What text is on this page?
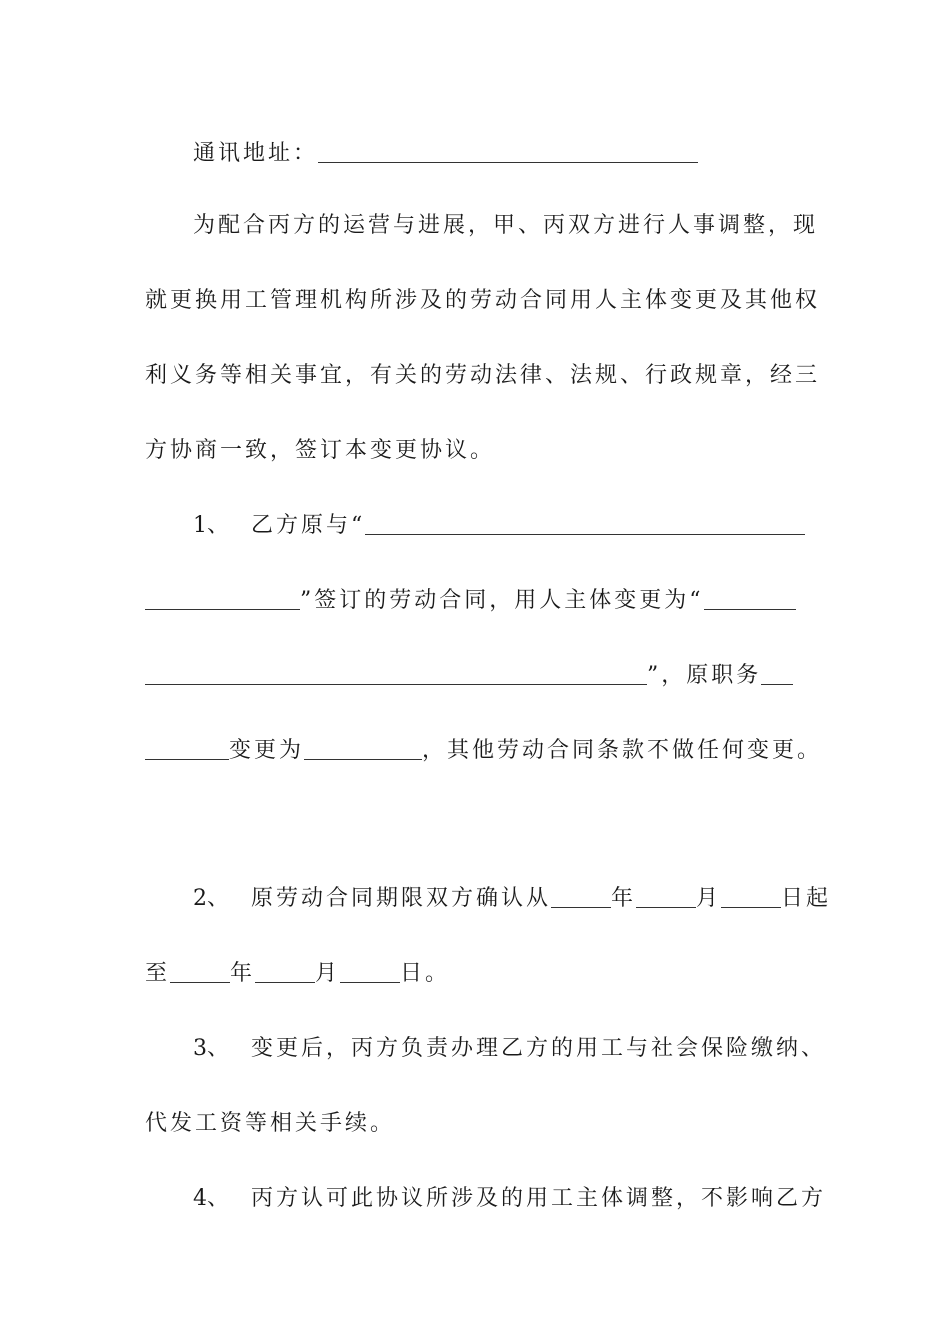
通讯地址：
为配合丙方的运营与进展，甲、丙双方进行人事调整，现
就更换用工管理机构所涉及的劳动合同用人主体变更及其他权
利义务等相关事宜，有关的劳动法律、法规、行政规章，经三
方协商一致，签订本变更协议。
1、 乙方原与“
”签订的劳动合同，用人主体变更为“
”，原职务
变更为	，其他劳动合同条款不做任何变更。
2、 原劳动合同期限双方确认从	年	月	日起
至	年	月	日。
3、 变更后，丙方负责办理乙方的用工与社会保险缴纳、
代发工资等相关手续。
4、 丙方认可此协议所涉及的用工主体调整，不影响乙方
